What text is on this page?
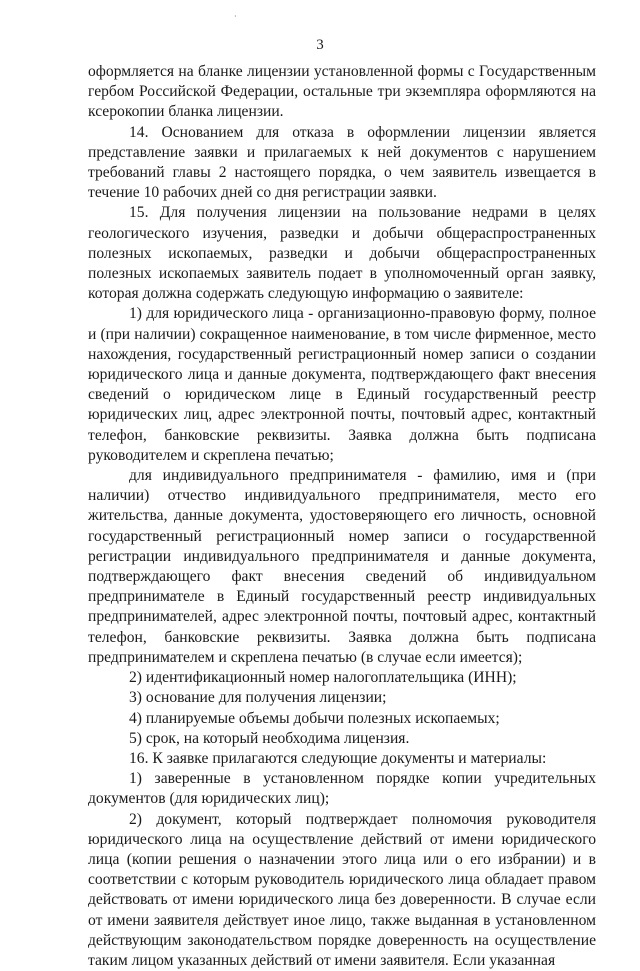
·
3

оформляется на бланке лицензии установленной формы с Государственным гербом Российской Федерации, остальные три экземпляра оформляются на ксерокопии бланка лицензии.

14. Основанием для отказа в оформлении лицензии является представление заявки и прилагаемых к ней документов с нарушением требований главы 2 настоящего порядка, о чем заявитель извещается в течение 10 рабочих дней со дня регистрации заявки.

15. Для получения лицензии на пользование недрами в целях геологического изучения, разведки и добычи общераспространенных полезных ископаемых, разведки и добычи общераспространенных полезных ископаемых заявитель подает в уполномоченный орган заявку, которая должна содержать следующую информацию о заявителе:

1) для юридического лица - организационно-правовую форму, полное и (при наличии) сокращенное наименование, в том числе фирменное, место нахождения, государственный регистрационный номер записи о создании юридического лица и данные документа, подтверждающего факт внесения сведений о юридическом лице в Единый государственный реестр юридических лиц, адрес электронной почты, почтовый адрес, контактный телефон, банковские реквизиты. Заявка должна быть подписана руководителем и скреплена печатью;

для индивидуального предпринимателя - фамилию, имя и (при наличии) отчество индивидуального предпринимателя, место его жительства, данные документа, удостоверяющего его личность, основной государственный регистрационный номер записи о государственной регистрации индивидуального предпринимателя и данные документа, подтверждающего факт внесения сведений об индивидуальном предпринимателе в Единый государственный реестр индивидуальных предпринимателей, адрес электронной почты, почтовый адрес, контактный телефон, банковские реквизиты. Заявка должна быть подписана предпринимателем и скреплена печатью (в случае если имеется);

2) идентификационный номер налогоплательщика (ИНН);

3) основание для получения лицензии;

4) планируемые объемы добычи полезных ископаемых;

5) срок, на который необходима лицензия.

16. К заявке прилагаются следующие документы и материалы:

1) заверенные в установленном порядке копии учредительных документов (для юридических лиц);

2) документ, который подтверждает полномочия руководителя юридического лица на осуществление действий от имени юридического лица (копии решения о назначении этого лица или о его избрании) и в соответствии с которым руководитель юридического лица обладает правом действовать от имени юридического лица без доверенности. В случае если от имени заявителя действует иное лицо, также выданная в установленном действующим законодательством порядке доверенность на осуществление таким лицом указанных действий от имени заявителя. Если указанная
